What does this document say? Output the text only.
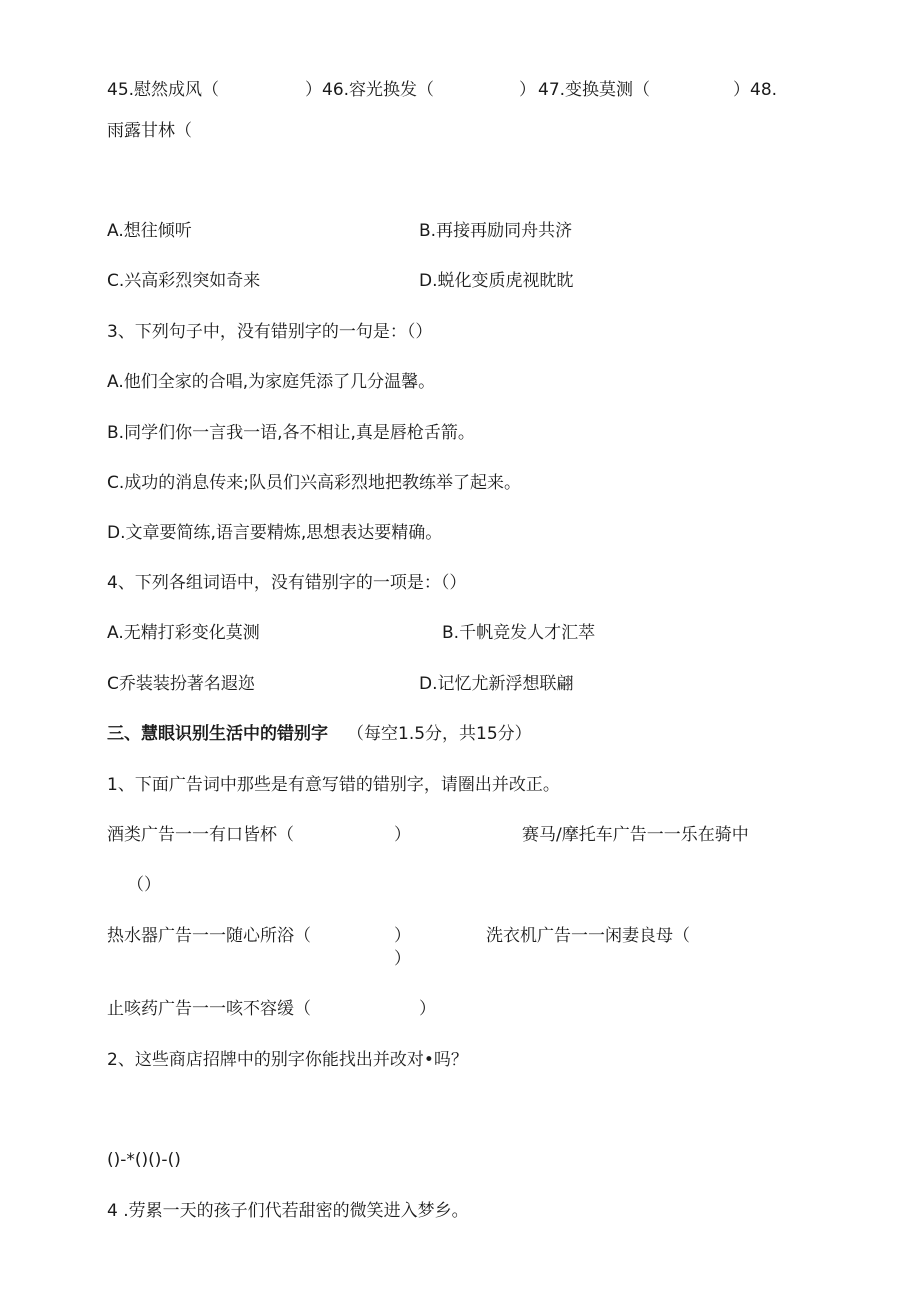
45.慰然成风（	） 46.容光换发（	） 47.变换莫测（	）48.
雨露甘林（
A.想往倾听	B.再接再励同舟共济
C.兴高彩烈突如奇来	D.蜕化变质虎视眈眈
3、下列句子中，没有错别字的一句是：（）
A.他们全家的合唱,为家庭凭添了几分温馨。
B.同学们你一言我一语,各不相让,真是唇枪舌箭。
C.成功的消息传来;队员们兴高彩烈地把教练举了起来。
D.文章要简练,语言要精炼,思想表达要精确。
4、下列各组词语中，没有错别字的一项是：（）
A.无精打彩变化莫测	B.千帆竞发人才汇萃
C乔装装扮著名遐迩	D.记忆尤新浮想联翩
三、慧眼识别生活中的错别字 （每空1.5分，共15分）
1、下面广告词中那些是有意写错的错别字，请圈出并改正。
酒类广告一一有口皆杯（	）	赛马/摩托车广告一一乐在骑中
（）
热水器广告一一随心所浴（	）	洗衣机广告一一闲妻良母（
）
止咳药广告一一咳不容缓（	）
2、这些商店招牌中的别字你能找出并改对•吗？
()-*()()-()
4 .劳累一天的孩子们代若甜密的微笑进入梦乡。
